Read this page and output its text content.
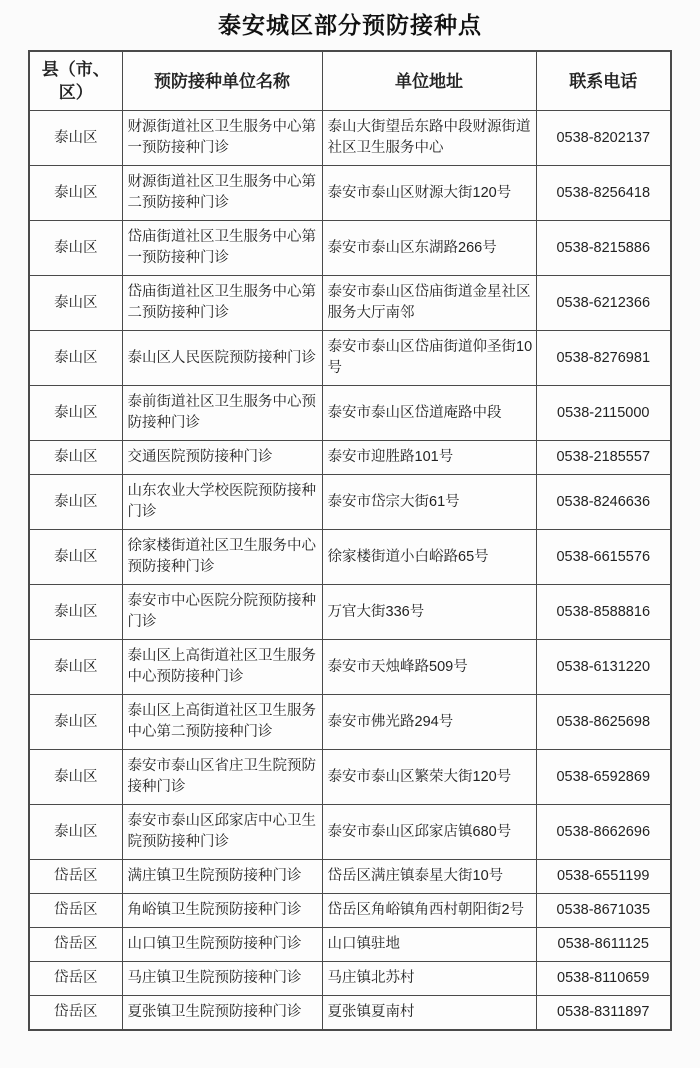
泰安城区部分预防接种点
县（市、区）	预防接种单位名称	单位地址	联系电话
泰山区	财源街道社区卫生服务中心第一预防接种门诊	泰山大街望岳东路中段财源街道社区卫生服务中心	0538-8202137
泰山区	财源街道社区卫生服务中心第二预防接种门诊	泰安市泰山区财源大街120号	0538-8256418
泰山区	岱庙街道社区卫生服务中心第一预防接种门诊	泰安市泰山区东湖路266号	0538-8215886
泰山区	岱庙街道社区卫生服务中心第二预防接种门诊	泰安市泰山区岱庙街道金星社区服务大厅南邻	0538-6212366
泰山区	泰山区人民医院预防接种门诊	泰安市泰山区岱庙街道仰圣街10号	0538-8276981
泰山区	泰前街道社区卫生服务中心预防接种门诊	泰安市泰山区岱道庵路中段	0538-2115000
泰山区	交通医院预防接种门诊	泰安市迎胜路101号	0538-2185557
泰山区	山东农业大学校医院预防接种门诊	泰安市岱宗大街61号	0538-8246636
泰山区	徐家楼街道社区卫生服务中心预防接种门诊	徐家楼街道小白峪路65号	0538-6615576
泰山区	泰安市中心医院分院预防接种门诊	万官大街336号	0538-8588816
泰山区	泰山区上高街道社区卫生服务中心预防接种门诊	泰安市天烛峰路509号	0538-6131220
泰山区	泰山区上高街道社区卫生服务中心第二预防接种门诊	泰安市佛光路294号	0538-8625698
泰山区	泰安市泰山区省庄卫生院预防接种门诊	泰安市泰山区繁荣大街120号	0538-6592869
泰山区	泰安市泰山区邱家店中心卫生院预防接种门诊	泰安市泰山区邱家店镇680号	0538-8662696
岱岳区	满庄镇卫生院预防接种门诊	岱岳区满庄镇泰星大街10号	0538-6551199
岱岳区	角峪镇卫生院预防接种门诊	岱岳区角峪镇角西村朝阳街2号	0538-8671035
岱岳区	山口镇卫生院预防接种门诊	山口镇驻地	0538-8611125
岱岳区	马庄镇卫生院预防接种门诊	马庄镇北苏村	0538-8110659
岱岳区	夏张镇卫生院预防接种门诊	夏张镇夏南村	0538-8311897
